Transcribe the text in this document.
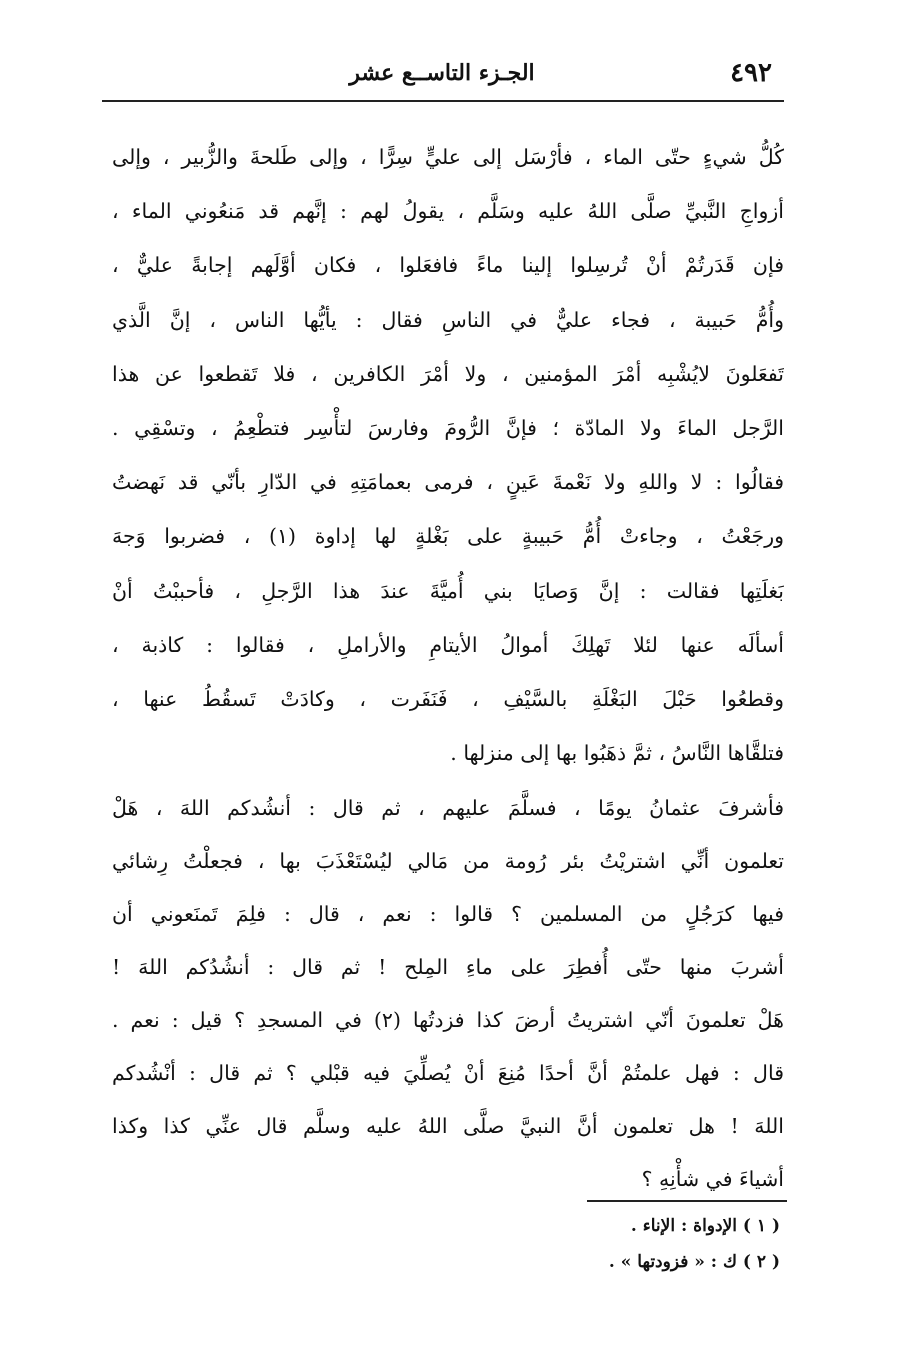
٤٩٢
الجـزء التاســع عشر
كُلُّ شيءٍ حتّى الماء ، فأرْسَل إلى عليٍّ سِرًّا ، وإلى طَلحةَ والزُّبير ، وإلى
أزواجِ النَّبيِّ صلَّى اللهُ عليه وسَلَّم ، يقولُ لهم : إنَّهم قد مَنعُوني الماء ،
فإن قَدَرتُمْ أنْ تُرسِلوا إلينا ماءً فافعَلوا ، فكان أوَّلَهم إجابةً عليٌّ ،
وأُمُّ حَبيبة ، فجاء عليٌّ في الناسِ فقال : يأيُّها الناس ، إنَّ الَّذي
تَفعَلونَ لايُشْبِه أمْرَ المؤمنين ، ولا أمْرَ الكافرين ، فلا تَقطعوا عن هذا
الرَّجل الماءَ ولا المادّة ؛ فإنَّ الرُّومَ وفارسَ لتأْسِر فتطْعِمُ ، وتسْقِي .
فقالُوا : لا واللهِ ولا نَعْمةَ عَينٍ ، فرمى بعمامَتِهِ في الدّارِ بأنّي قد نَهضتُ
ورجَعْتُ ، وجاءتْ أُمُّ حَبيبةٍ على بَغْلةٍ لها إداوة (١) ، فضربوا وَجهَ
بَغلَتِها فقالت : إنَّ وَصايَا بني أُميَّةَ عندَ هذا الرَّجلِ ، فأحببْتُ أنْ
أسألَه عنها لئلا تَهلِكَ أموالُ الأيتامِ والأراملِ ، فقالوا : كاذبة ،
وقطعُوا حَبْلَ البَغْلَةِ بالسَّيْفِ ، فَنَفَرت ، وكادَتْ تَسقُطُ عنها ،
فتلقَّاها النَّاسُ ، ثمَّ ذهَبُوا بها إلى منزلها .
فأشرفَ عثمانُ يومًا ، فسلَّمَ عليهم ، ثم قال : أنشُدكم اللهَ ، هَلْ
تعلمون أنِّي اشتريْتُ بئر رُومة من مَالي ليُسْتَعْذَبَ بها ، فجعلْتُ رِشائي
فيها كرَجُلٍ من المسلمين ؟ قالوا : نعم ، قال : فلِمَ تَمنَعوني أن
أشربَ منها حتّى أُفطِرَ على ماءِ المِلح ! ثم قال : أنشُدُكم اللهَ !
هَلْ تعلمونَ أنّي اشتريتُ أرضَ كذا فزدتُها (٢) في المسجدِ ؟ قيل : نعم .
قال : فهل علمتُمْ أنَّ أحدًا مُنِعَ أنْ يُصلِّيَ فيه قبْلي ؟ ثم قال : أنْشُدكم
اللهَ ! هل تعلمون أنَّ النبيَّ صلَّى اللهُ عليه وسلَّم قال عنِّي كذا وكذا
أشياءَ في شأْنِهِ ؟
( ١ ) الإدواة : الإناء .
( ٢ ) ك : « فزودتها » .
